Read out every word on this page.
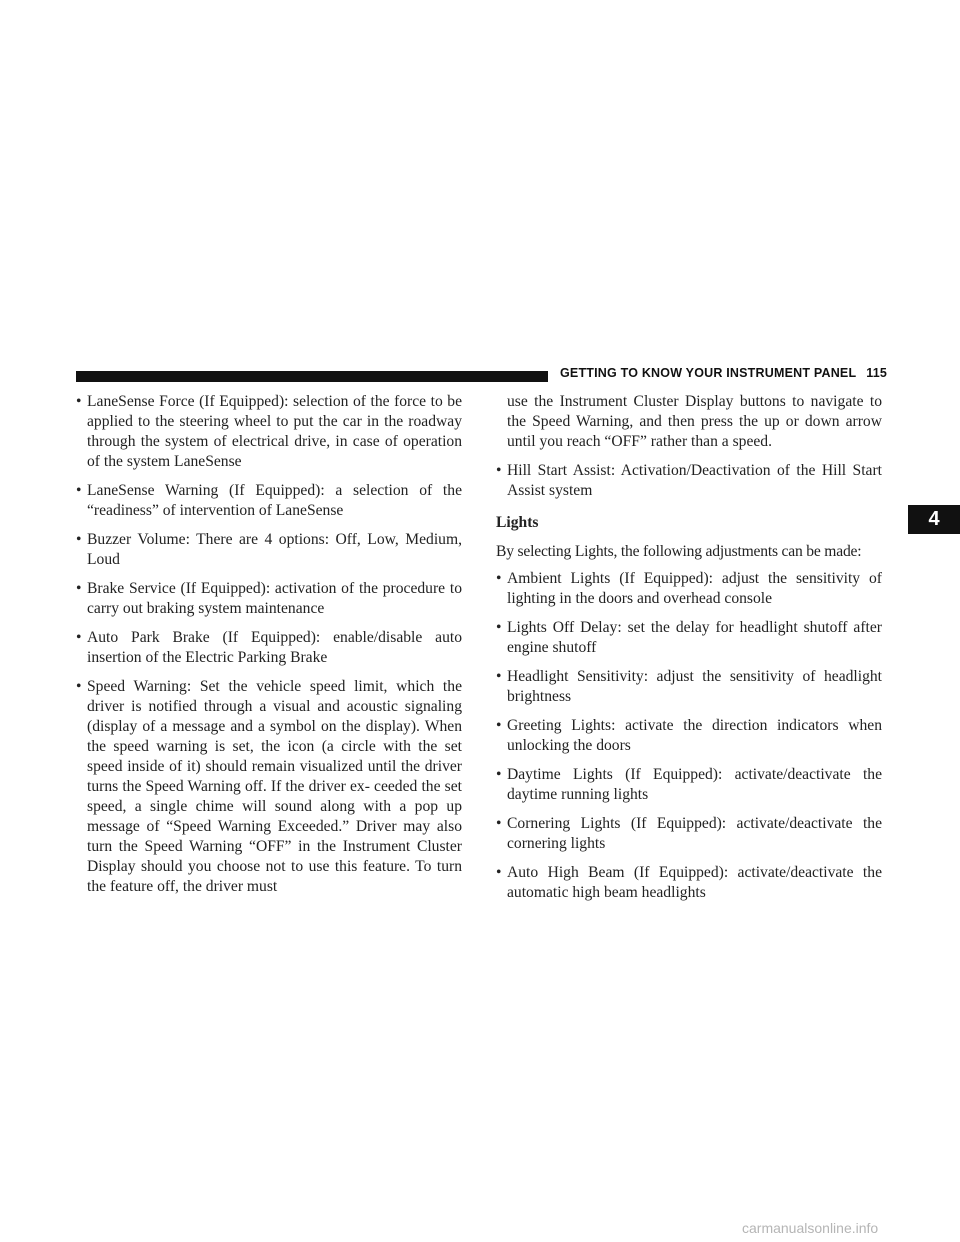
GETTING TO KNOW YOUR INSTRUMENT PANEL 115
4
• LaneSense Force (If Equipped): selection of the force to be applied to the steering wheel to put the car in the roadway through the system of electrical drive, in case of operation of the system LaneSense
• LaneSense Warning (If Equipped): a selection of the “readiness” of intervention of LaneSense
• Buzzer Volume: There are 4 options: Off, Low, Medium, Loud
• Brake Service (If Equipped): activation of the procedure to carry out braking system maintenance
• Auto Park Brake (If Equipped): enable/disable auto insertion of the Electric Parking Brake
• Speed Warning: Set the vehicle speed limit, which the driver is notified through a visual and acoustic signaling (display of a message and a symbol on the display). When the speed warning is set, the icon (a circle with the set speed inside of it) should remain visualized until the driver turns the Speed Warning off. If the driver ex- ceeded the set speed, a single chime will sound along with a pop up message of “Speed Warning Exceeded.” Driver may also turn the Speed Warning “OFF” in the Instrument Cluster Display should you choose not to use this feature. To turn the feature off, the driver must

use the Instrument Cluster Display buttons to navigate to the Speed Warning, and then press the up or down arrow until you reach “OFF” rather than a speed.

• Hill Start Assist: Activation/Deactivation of the Hill Start Assist system
Lights

By selecting Lights, the following adjustments can be made:

• Ambient Lights (If Equipped): adjust the sensitivity of lighting in the doors and overhead console
• Lights Off Delay: set the delay for headlight shutoff after engine shutoff
• Headlight Sensitivity: adjust the sensitivity of headlight brightness
• Greeting Lights: activate the direction indicators when unlocking the doors
• Daytime Lights (If Equipped): activate/deactivate the daytime running lights
• Cornering Lights (If Equipped): activate/deactivate the cornering lights
• Auto High Beam (If Equipped): activate/deactivate the automatic high beam headlights
carmanualsonline.info
